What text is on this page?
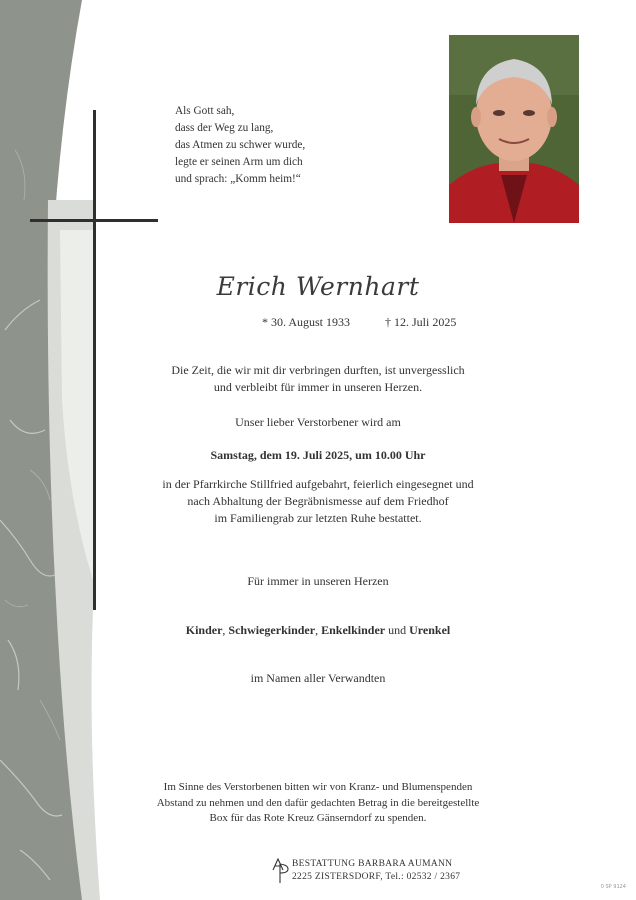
Als Gott sah,
dass der Weg zu lang,
das Atmen zu schwer wurde,
legte er seinen Arm um dich
und sprach: „Komm heim!“
Erich Wernhart
* 30. August 1933	† 12. Juli 2025
Die Zeit, die wir mit dir verbringen durften, ist unvergesslich
und verbleibt für immer in unseren Herzen.
Unser lieber Verstorbener wird am
Samstag, dem 19. Juli 2025, um 10.00 Uhr
in der Pfarrkirche Stillfried aufgebahrt, feierlich eingesegnet und
nach Abhaltung der Begräbnismesse auf dem Friedhof
im Familiengrab zur letzten Ruhe bestattet.
Für immer in unseren Herzen
Kinder, Schwiegerkinder, Enkelkinder und Urenkel
im Namen aller Verwandten
Im Sinne des Verstorbenen bitten wir von Kranz- und Blumenspenden
Abstand zu nehmen und den dafür gedachten Betrag in die bereitgestellte
Box für das Rote Kreuz Gänserndorf zu spenden.
BESTATTUNG BARBARA AUMANN
2225 ZISTERSDORF, Tel.: 02532 / 2367
0 SP 9124
